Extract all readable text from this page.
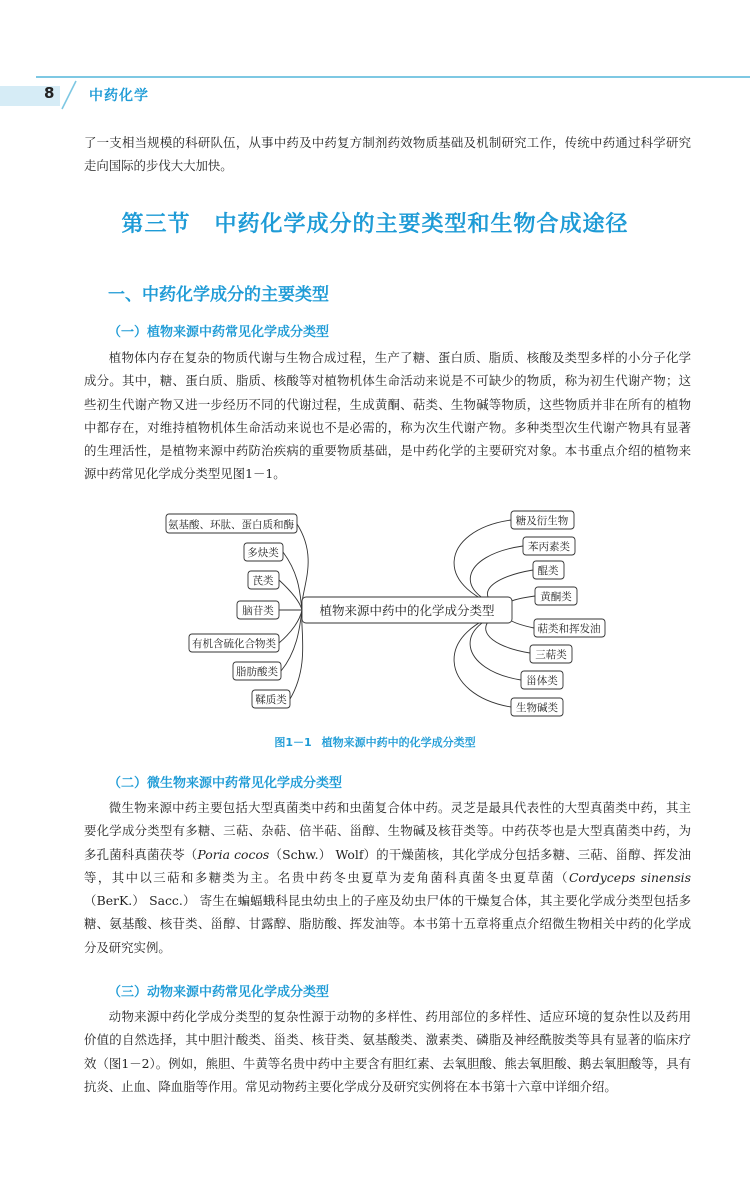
8 中药化学

了一支相当规模的科研队伍，从事中药及中药复方制剂药效物质基础及机制研究工作，传统中药通过科学研究走向国际的步伐大大加快。

第三节 中药化学成分的主要类型和生物合成途径
一、中药化学成分的主要类型
（一）植物来源中药常见化学成分类型

植物体内存在复杂的物质代谢与生物合成过程，生产了糖、蛋白质、脂质、核酸及类型多样的小分子化学成分。其中，糖、蛋白质、脂质、核酸等对植物机体生命活动来说是不可缺少的物质，称为初生代谢产物；这些初生代谢产物又进一步经历不同的代谢过程，生成黄酮、萜类、生物碱等物质，这些物质并非在所有的植物中都存在，对维持植物机体生命活动来说也不是必需的，称为次生代谢产物。多种类型次生代谢产物具有显著的生理活性，是植物来源中药防治疾病的重要物质基础，是中药化学的主要研究对象。本书重点介绍的植物来源中药常见化学成分类型见图1－1。

植物来源中药中的化学成分类型
氨基酸、环肽、蛋白质和酶
多炔类
芪类
脑苷类
有机含硫化合物类
脂肪酸类
鞣质类
糖及衍生物
苯丙素类
醌类
黄酮类
萜类和挥发油
三萜类
甾体类
生物碱类

图1－1 植物来源中药中的化学成分类型

（二）微生物来源中药常见化学成分类型

微生物来源中药主要包括大型真菌类中药和虫菌复合体中药。灵芝是最具代表性的大型真菌类中药，其主要化学成分类型有多糖、三萜、杂萜、倍半萜、甾醇、生物碱及核苷类等。中药茯苓也是大型真菌类中药，为多孔菌科真菌茯苓（Poria cocos（Schw.） Wolf）的干燥菌核，其化学成分包括多糖、三萜、甾醇、挥发油等，其中以三萜和多糖类为主。名贵中药冬虫夏草为麦角菌科真菌冬虫夏草菌（Cordyceps sinensis（BerK.） Sacc.） 寄生在蝙蝠蛾科昆虫幼虫上的子座及幼虫尸体的干燥复合体，其主要化学成分类型包括多糖、氨基酸、核苷类、甾醇、甘露醇、脂肪酸、挥发油等。本书第十五章将重点介绍微生物相关中药的化学成分及研究实例。

（三）动物来源中药常见化学成分类型

动物来源中药化学成分类型的复杂性源于动物的多样性、药用部位的多样性、适应环境的复杂性以及药用价值的自然选择，其中胆汁酸类、甾类、核苷类、氨基酸类、激素类、磷脂及神经酰胺类等具有显著的临床疗效（图1－2）。例如，熊胆、牛黄等名贵中药中主要含有胆红素、去氧胆酸、熊去氧胆酸、鹅去氧胆酸等，具有抗炎、止血、降血脂等作用。常见动物药主要化学成分及研究实例将在本书第十六章中详细介绍。
